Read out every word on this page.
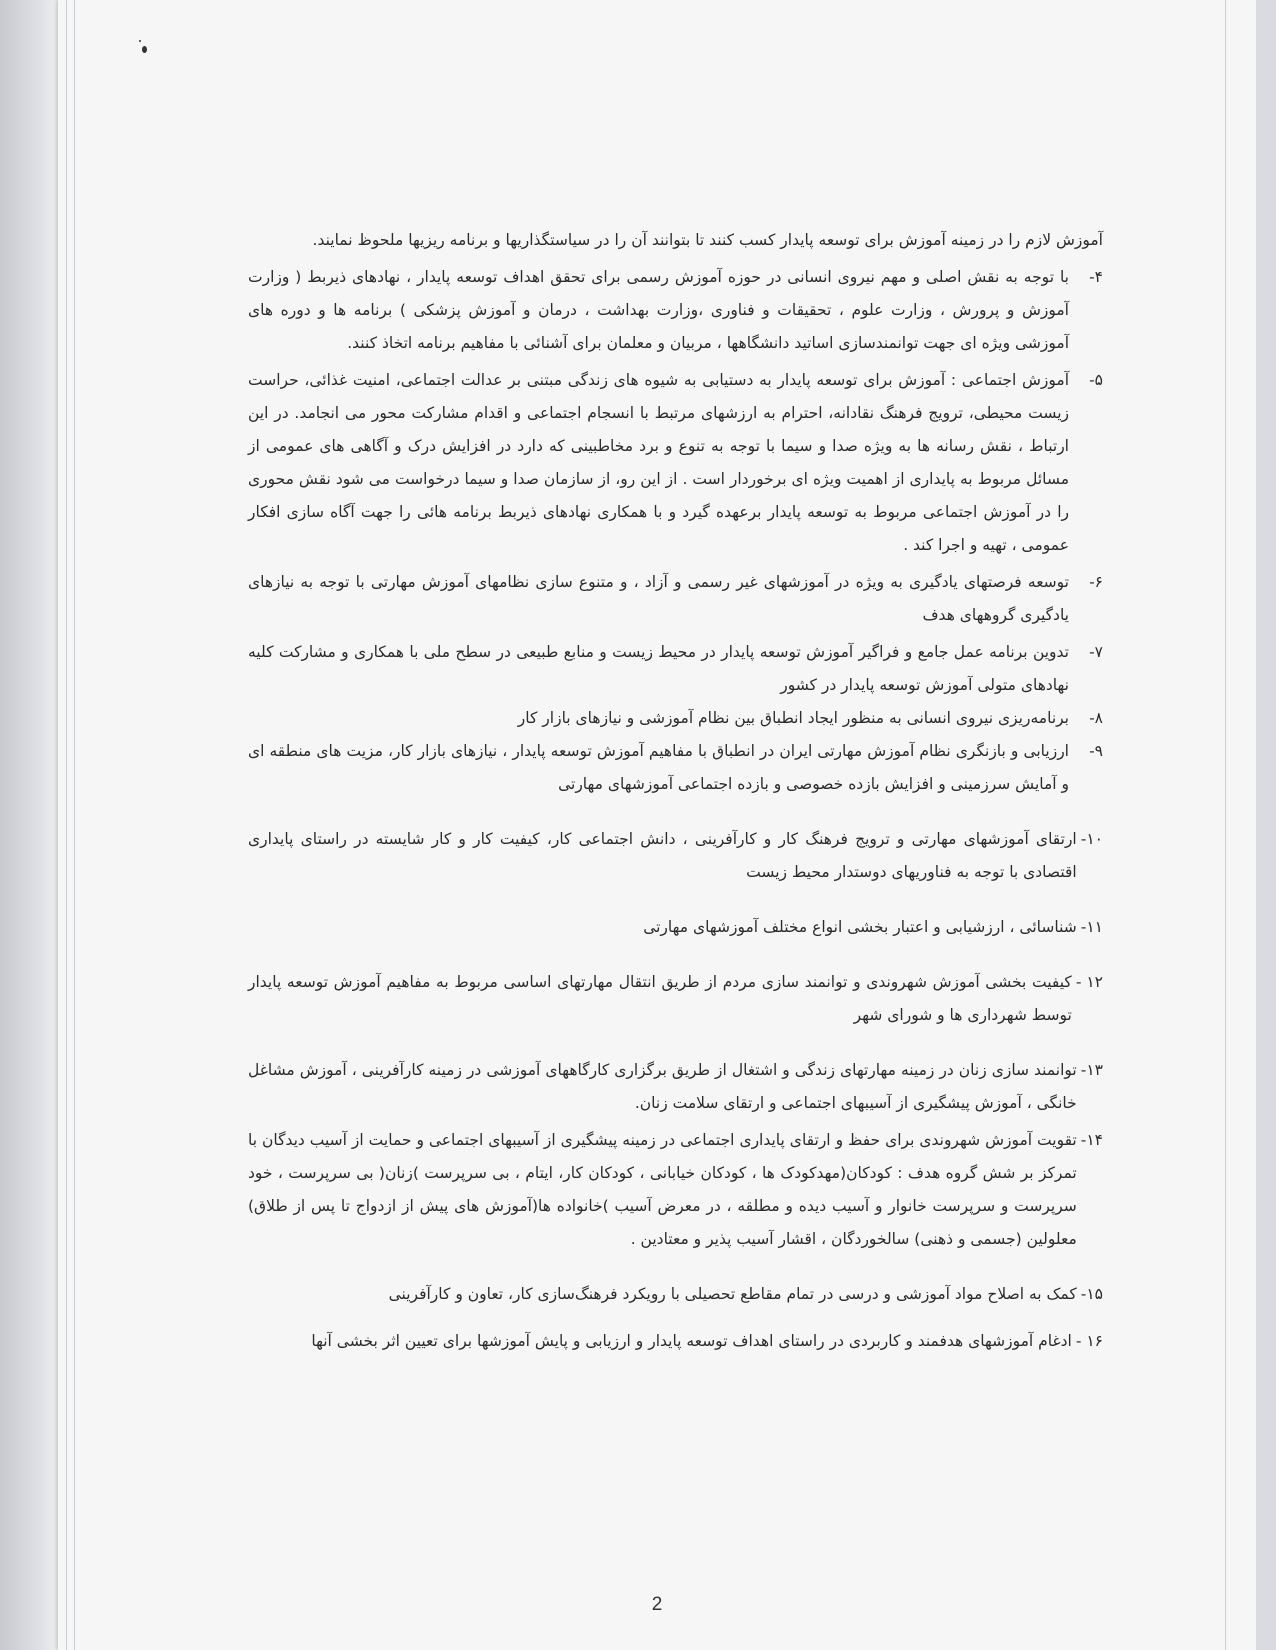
آموزش لازم را در زمینه آموزش برای توسعه پایدار کسب کنند تا بتوانند آن را در سیاستگذاریها و برنامه ریزیها ملحوظ نمایند.

۴-
با توجه به نقش اصلی و مهم نیروی انسانی در حوزه آموزش رسمی برای تحقق اهداف توسعه پایدار ، نهادهای ذیربط ( وزارت آموزش و پرورش ، وزارت علوم ، تحقیقات و فناوری ،وزارت بهداشت ، درمان و آموزش پزشکی ) برنامه ها و دوره های آموزشی ویژه ای جهت توانمندسازی اساتید دانشگاهها ، مربیان و معلمان برای آشنائی با مفاهیم برنامه اتخاذ کنند.
۵-
آموزش اجتماعی : آموزش برای توسعه پایدار به دستیابی به شیوه های زندگی مبتنی بر عدالت اجتماعی، امنیت غذائی، حراست زیست محیطی، ترویج فرهنگ نقادانه، احترام به ارزشهای مرتبط با انسجام اجتماعی و اقدام مشارکت محور می انجامد. در این ارتباط ، نقش رسانه ها به ویژه صدا و سیما با توجه به تنوع و برد مخاطبینی که دارد در افزایش درک و آگاهی های عمومی از مسائل مربوط به پایداری از اهمیت ویژه ای برخوردار است . از این رو، از سازمان صدا و سیما درخواست می شود نقش محوری را در آموزش اجتماعی مربوط به توسعه پایدار برعهده گیرد و با همکاری نهادهای ذیربط برنامه هائی را جهت آگاه سازی افکار عمومی ، تهیه و اجرا کند .
۶-
توسعه فرصتهای یادگیری به ویژه در آموزشهای غیر رسمی و آزاد ، و متنوع سازی نظامهای آموزش مهارتی با توجه به نیازهای یادگیری گروههای هدف
۷-
تدوین برنامه عمل جامع و فراگیر آموزش توسعه پایدار در محیط زیست و منابع طبیعی در سطح ملی با همکاری و مشارکت کلیه نهادهای متولی آموزش توسعه پایدار در کشور
۸-
برنامه‌ریزی نیروی انسانی به منظور ایجاد انطباق بین نظام آموزشی و نیازهای بازار کار
۹-
ارزیابی و بازنگری نظام آموزش مهارتی ایران در انطباق با مفاهیم آموزش توسعه پایدار ، نیازهای بازار کار، مزیت های منطقه ای و آمایش سرزمینی و افزایش بازده خصوصی و بازده اجتماعی آموزشهای مهارتی
۱۰-
ارتقای آموزشهای مهارتی و ترویج فرهنگ کار و کارآفرینی ، دانش اجتماعی کار، کیفیت کار و کار شایسته در راستای پایداری اقتصادی با توجه به فناوریهای دوستدار محیط زیست
۱۱-
شناسائی ، ارزشیابی و اعتبار بخشی انواع مختلف آموزشهای مهارتی
۱۲ -
کیفیت بخشی آموزش شهروندی و توانمند سازی مردم از طریق انتقال مهارتهای اساسی مربوط به مفاهیم آموزش توسعه پایدار توسط شهرداری ها و شورای شهر
۱۳-
توانمند سازی زنان در زمینه مهارتهای زندگی و اشتغال از طریق برگزاری کارگاههای آموزشی در زمینه کارآفرینی ، آموزش مشاغل خانگی ، آموزش پیشگیری از آسیبهای اجتماعی و ارتقای سلامت زنان.
۱۴-
تقویت آموزش شهروندی برای حفظ و ارتقای پایداری اجتماعی در زمینه پیشگیری از آسیبهای اجتماعی و حمایت از آسیب دیدگان با تمرکز بر شش گروه هدف : کودکان(مهدکودک ها ، کودکان خیابانی ، کودکان کار، ایتام ، بی سرپرست )زنان( بی سرپرست ، خود سرپرست و سرپرست خانوار و آسیب دیده و مطلقه ، در معرض آسیب )خانواده ها(آموزش های پیش از ازدواج تا پس از طلاق) معلولین (جسمی و ذهنی) سالخوردگان ، اقشار آسیب پذیر و معتادین .
۱۵-
کمک به اصلاح مواد آموزشی و درسی در تمام مقاطع تحصیلی با رویکرد فرهنگ‌سازی کار، تعاون و کارآفرینی
۱۶ -
ادغام آموزشهای هدفمند و کاربردی در راستای اهداف توسعه پایدار و ارزیابی و پایش آموزشها برای تعیین اثر بخشی آنها
2
